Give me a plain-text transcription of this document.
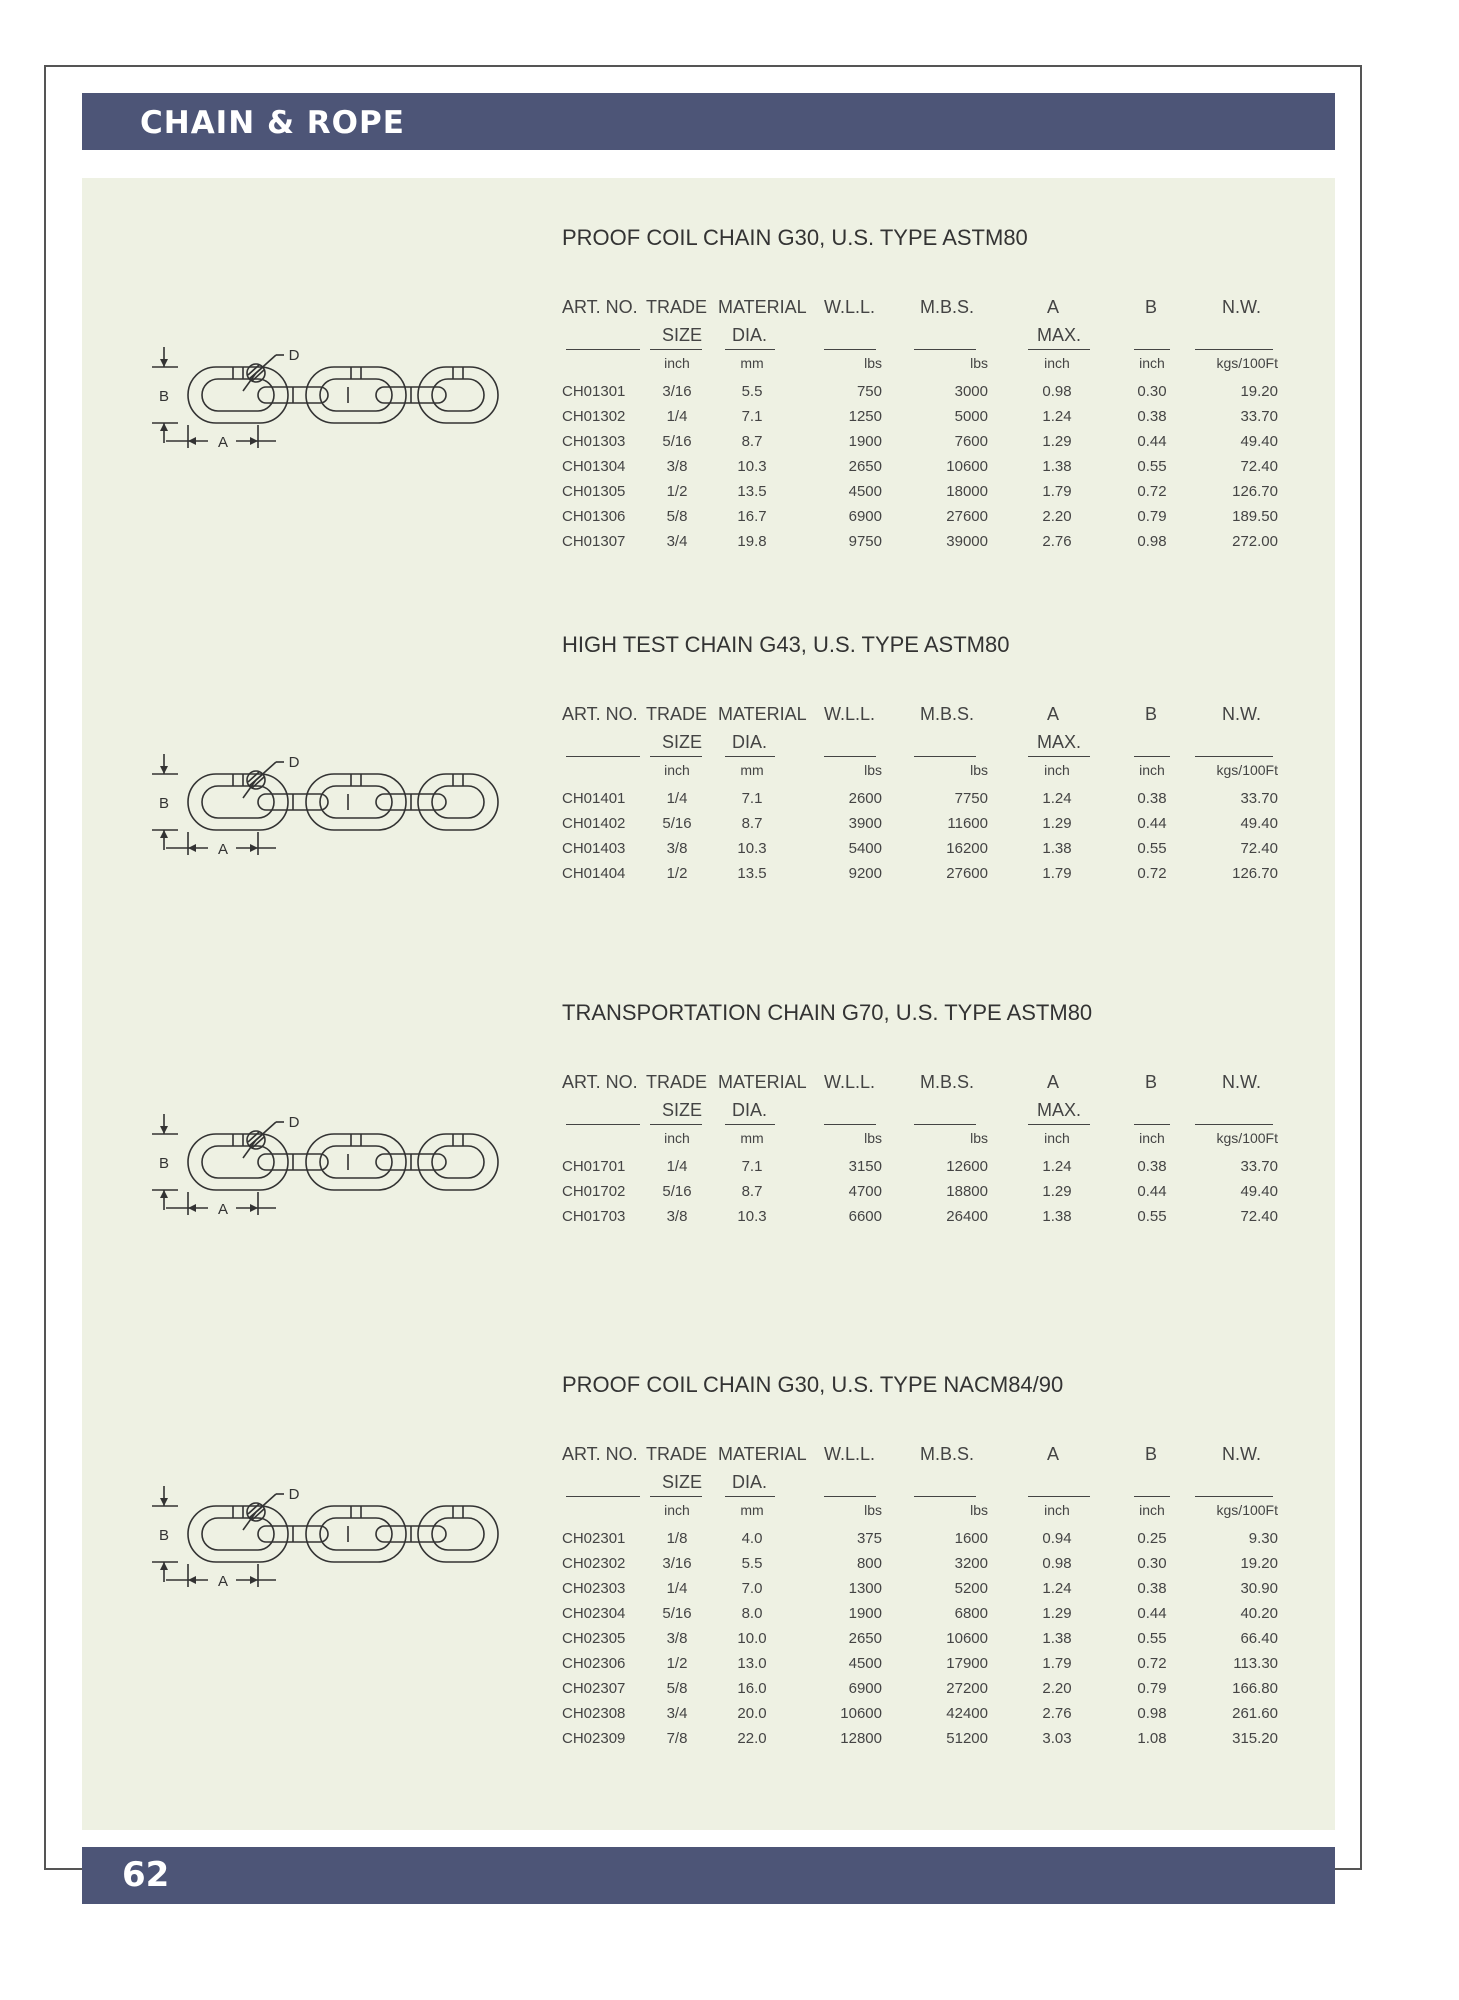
CHAIN & ROPE
PROOF COIL CHAIN G30, U.S. TYPE ASTM80
ART. NO. TRADE MATERIAL W.L.L.	M.B.S.	A	B	N.W.
SIZE	DIA.	MAX.
inch	mm	lbs	lbs	inch	inch	kgs/100Ft
CH01301	3/16	5.5	750	3000	0.98	0.30	19.20
CH01302	1/4	7.1	1250	5000	1.24	0.38	33.70
CH01303	5/16	8.7	1900	7600	1.29	0.44	49.40
CH01304	3/8	10.3	2650	10600	1.38	0.55	72.40
CH01305	1/2	13.5	4500	18000	1.79	0.72	126.70
CH01306	5/8	16.7	6900	27600	2.20	0.79	189.50
CH01307	3/4	19.8	9750	39000	2.76	0.98	272.00
B
A
D
HIGH TEST CHAIN G43, U.S. TYPE ASTM80
ART. NO. TRADE MATERIAL W.L.L.	M.B.S.	A	B	N.W.
SIZE	DIA.	MAX.
inch	mm	lbs	lbs	inch	inch	kgs/100Ft
CH01401	1/4	7.1	2600	7750	1.24	0.38	33.70
CH01402	5/16	8.7	3900	11600	1.29	0.44	49.40
CH01403	3/8	10.3	5400	16200	1.38	0.55	72.40
CH01404	1/2	13.5	9200	27600	1.79	0.72	126.70
B
A
D
TRANSPORTATION CHAIN G70, U.S. TYPE ASTM80
ART. NO. TRADE MATERIAL W.L.L.	M.B.S.	A	B	N.W.
SIZE	DIA.	MAX.
inch	mm	lbs	lbs	inch	inch	kgs/100Ft
CH01701	1/4	7.1	3150	12600	1.24	0.38	33.70
CH01702	5/16	8.7	4700	18800	1.29	0.44	49.40
CH01703	3/8	10.3	6600	26400	1.38	0.55	72.40
B
A
D
PROOF COIL CHAIN G30, U.S. TYPE NACM84/90
ART. NO. TRADE MATERIAL W.L.L.	M.B.S.	A	B	N.W.
SIZE	DIA.
inch	mm	lbs	lbs	inch	inch	kgs/100Ft
CH02301	1/8	4.0	375	1600	0.94	0.25	9.30
CH02302	3/16	5.5	800	3200	0.98	0.30	19.20
CH02303	1/4	7.0	1300	5200	1.24	0.38	30.90
CH02304	5/16	8.0	1900	6800	1.29	0.44	40.20
CH02305	3/8	10.0	2650	10600	1.38	0.55	66.40
CH02306	1/2	13.0	4500	17900	1.79	0.72	113.30
CH02307	5/8	16.0	6900	27200	2.20	0.79	166.80
CH02308	3/4	20.0	10600	42400	2.76	0.98	261.60
CH02309	7/8	22.0	12800	51200	3.03	1.08	315.20
B
A
D
62
